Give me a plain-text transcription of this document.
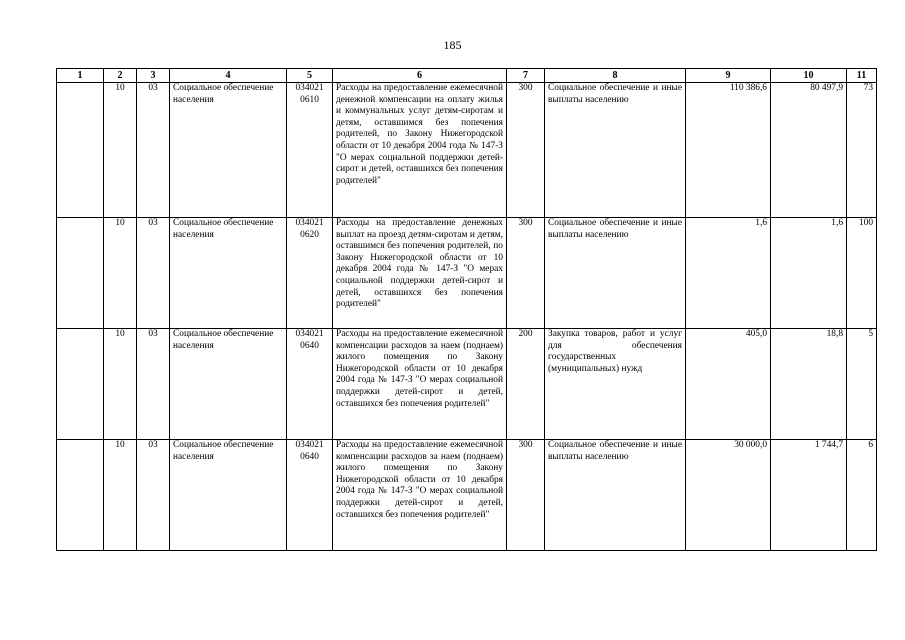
185
1	2	3	4	5	6	7	8	9	10	11
	10	03	Социальное обеспечение населения	034021 0610	Расходы на предоставление ежемесячной денежной компенсации на оплату жилья и коммунальных услуг детям-сиротам и детям, оставшимся без попечения родителей, по Закону Нижегородской области от 10 декабря 2004 года № 147-З "О мерах социальной поддержки детей-сирот и детей, оставшихся без попечения родителей"	300	Социальное обеспечение и иные выплаты населению	110 386,6	80 497,9	73
	10	03	Социальное обеспечение населения	034021 0620	Расходы на предоставление денежных выплат на проезд детям-сиротам и детям, оставшимся без попечения родителей, по Закону Нижегородской области от 10 декабря 2004 года № 147-З "О мерах социальной поддержки детей-сирот и детей, оставшихся без попечения родителей"	300	Социальное обеспечение и иные выплаты населению	1,6	1,6	100
	10	03	Социальное обеспечение населения	034021 0640	Расходы на предоставление ежемесячной компенсации расходов за наем (поднаем) жилого помещения по Закону Нижегородской области от 10 декабря 2004 года № 147-З "О мерах социальной поддержки детей-сирот и детей, оставшихся без попечения родителей"	200	Закупка товаров, работ и услуг для обеспечения государственных (муниципальных) нужд	405,0	18,8	5
	10	03	Социальное обеспечение населения	034021 0640	Расходы на предоставление ежемесячной компенсации расходов за наем (поднаем) жилого помещения по Закону Нижегородской области от 10 декабря 2004 года № 147-З "О мерах социальной поддержки детей-сирот и детей, оставшихся без попечения родителей"	300	Социальное обеспечение и иные выплаты населению	30 000,0	1 744,7	6
